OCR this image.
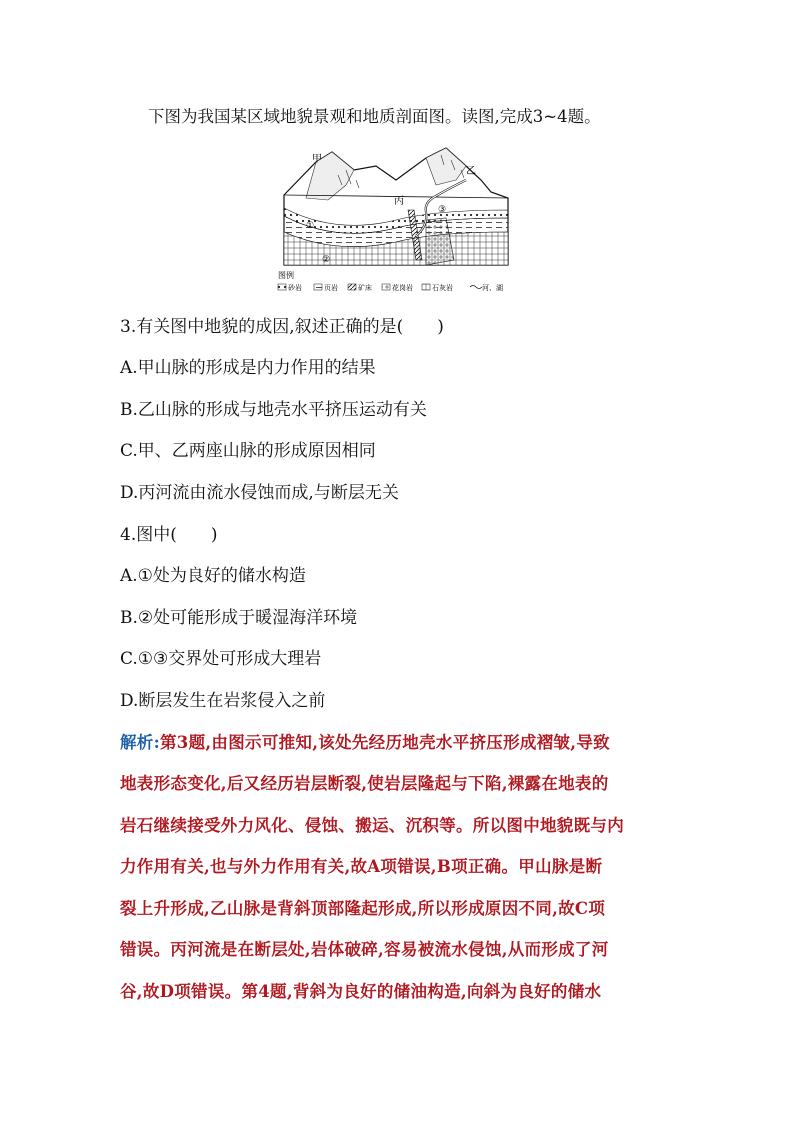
下图为我国某区域地貌景观和地质剖面图。读图,完成3~4题。
甲
乙
丙
①
②
③
图例
砂岩	页岩	矿床	花岗岩	石灰岩	河、湖
3.有关图中地貌的成因,叙述正确的是(　　)
A.甲山脉的形成是内力作用的结果
B.乙山脉的形成与地壳水平挤压运动有关
C.甲、乙两座山脉的形成原因相同
D.丙河流由流水侵蚀而成,与断层无关
4.图中(　　)
A.①处为良好的储水构造
B.②处可能形成于暖湿海洋环境
C.①③交界处可形成大理岩
D.断层发生在岩浆侵入之前
解析:第3题,由图示可推知,该处先经历地壳水平挤压形成褶皱,导致
地表形态变化,后又经历岩层断裂,使岩层隆起与下陷,裸露在地表的
岩石继续接受外力风化、侵蚀、搬运、沉积等。所以图中地貌既与内
力作用有关,也与外力作用有关,故A项错误,B项正确。甲山脉是断
裂上升形成,乙山脉是背斜顶部隆起形成,所以形成原因不同,故C项
错误。丙河流是在断层处,岩体破碎,容易被流水侵蚀,从而形成了河
谷,故D项错误。第4题,背斜为良好的储油构造,向斜为良好的储水
